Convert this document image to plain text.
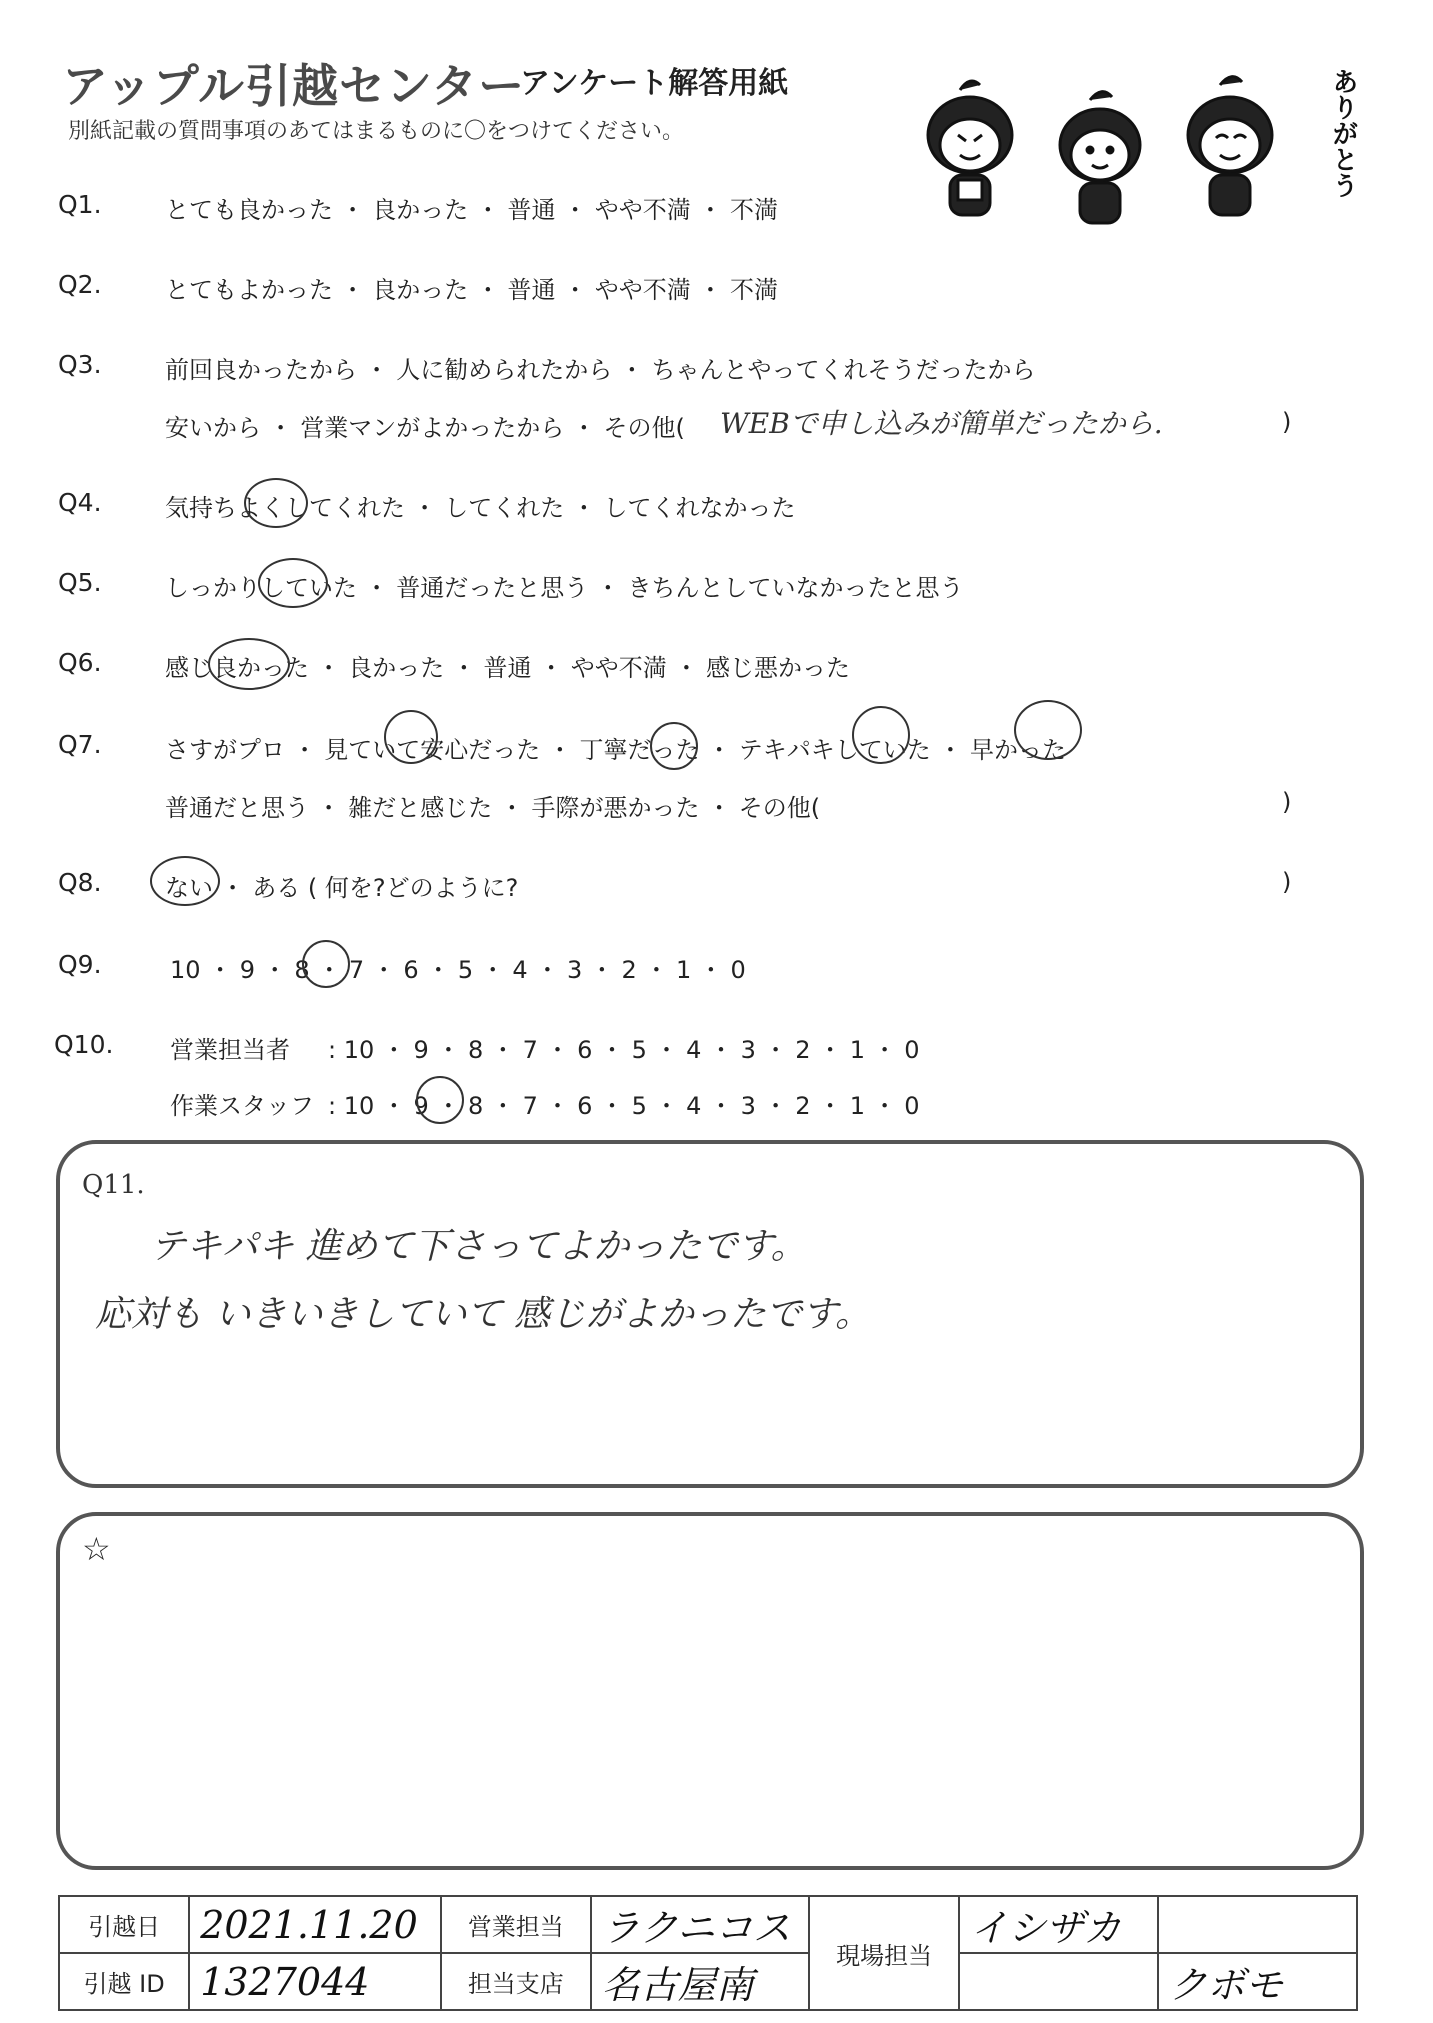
アップル引越センター
アンケート解答用紙
別紙記載の質問事項のあてはまるものに〇をつけてください。	ありがとう
Q1.	とても良かった ・ 良かった ・ 普通 ・ やや不満 ・ 不満
Q2.	とてもよかった ・ 良かった ・ 普通 ・ やや不満 ・ 不満
Q3.	前回良かったから ・ 人に勧められたから ・ ちゃんとやってくれそうだったから
安いから ・ 営業マンがよかったから ・ その他( WEBで申し込みが簡単だったから.	)
Q4.	気持ちよくしてくれた ・ してくれた ・ してくれなかった
Q5.	しっかりしていた ・ 普通だったと思う ・ きちんとしていなかったと思う
Q6.	感じ良かった ・ 良かった ・ 普通 ・ やや不満 ・ 感じ悪かった
Q7.	さすがプロ ・ 見ていて安心だった ・ 丁寧だった ・ テキパキしていた ・ 早かった
普通だと思う ・ 雑だと感じた ・ 手際が悪かった ・ その他(	)
Q8.	ない ・ ある ( 何を?どのように?	)
Q9.	10 ・ 9 ・ 8 ・ 7 ・ 6 ・ 5 ・ 4 ・ 3 ・ 2 ・ 1 ・ 0
Q10. 営業担当者 : 10 ・ 9 ・ 8 ・ 7 ・ 6 ・ 5 ・ 4 ・ 3 ・ 2 ・ 1 ・ 0
作業スタッフ : 10 ・ 9 ・ 8 ・ 7 ・ 6 ・ 5 ・ 4 ・ 3 ・ 2 ・ 1 ・ 0
Q11.
テキパキ 進めて下さってよかったです。
応対も いきいきしていて 感じがよかったです。
☆
引越日	2021.11.20	営業担当	ラクニコス	現場担当	イシザカ	
引越 ID	1327044	担当支店	名古屋南			クボモ
